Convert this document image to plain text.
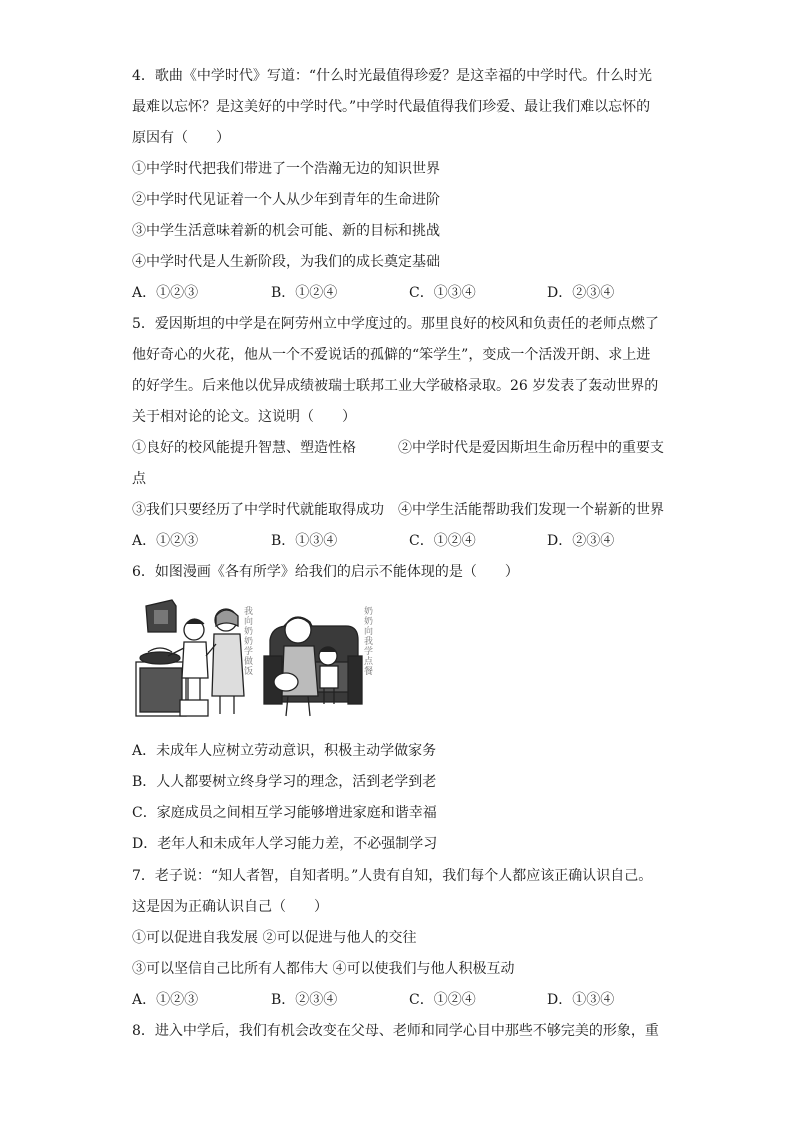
4．歌曲《中学时代》写道：“什么时光最值得珍爱？是这幸福的中学时代。什么时光
最难以忘怀？是这美好的中学时代。”中学时代最值得我们珍爱、最让我们难以忘怀的
原因有（　　）
①中学时代把我们带进了一个浩瀚无边的知识世界
②中学时代见证着一个人从少年到青年的生命进阶
③中学生活意味着新的机会可能、新的目标和挑战
④中学时代是人生新阶段，为我们的成长奠定基础
A．①②③	B．①②④	C．①③④	D．②③④
5．爱因斯坦的中学是在阿劳州立中学度过的。那里良好的校风和负责任的老师点燃了
他好奇心的火花，他从一个不爱说话的孤僻的“笨学生”，变成一个活泼开朗、求上进
的好学生。后来他以优异成绩被瑞士联邦工业大学破格录取。26 岁发表了轰动世界的
关于相对论的论文。这说明（　　）
①良好的校风能提升智慧、塑造性格　　　②中学时代是爱因斯坦生命历程中的重要支
点
③我们只要经历了中学时代就能取得成功　④中学生活能帮助我们发现一个崭新的世界
A．①②③	B．①③④	C．①②④	D．②③④
6．如图漫画《各有所学》给我们的启示不能体现的是（　　）
我向奶奶学做饭
奶奶向我学点餐
A．未成年人应树立劳动意识，积极主动学做家务
B．人人都要树立终身学习的理念，活到老学到老
C．家庭成员之间相互学习能够增进家庭和谐幸福
D．老年人和未成年人学习能力差，不必强制学习
7．老子说：“知人者智，自知者明。”人贵有自知，我们每个人都应该正确认识自己。
这是因为正确认识自己（　　）
①可以促进自我发展 ②可以促进与他人的交往
③可以坚信自己比所有人都伟大 ④可以使我们与他人积极互动
A．①②③	B．②③④	C．①②④	D．①③④
8．进入中学后，我们有机会改变在父母、老师和同学心目中那些不够完美的形象，重
